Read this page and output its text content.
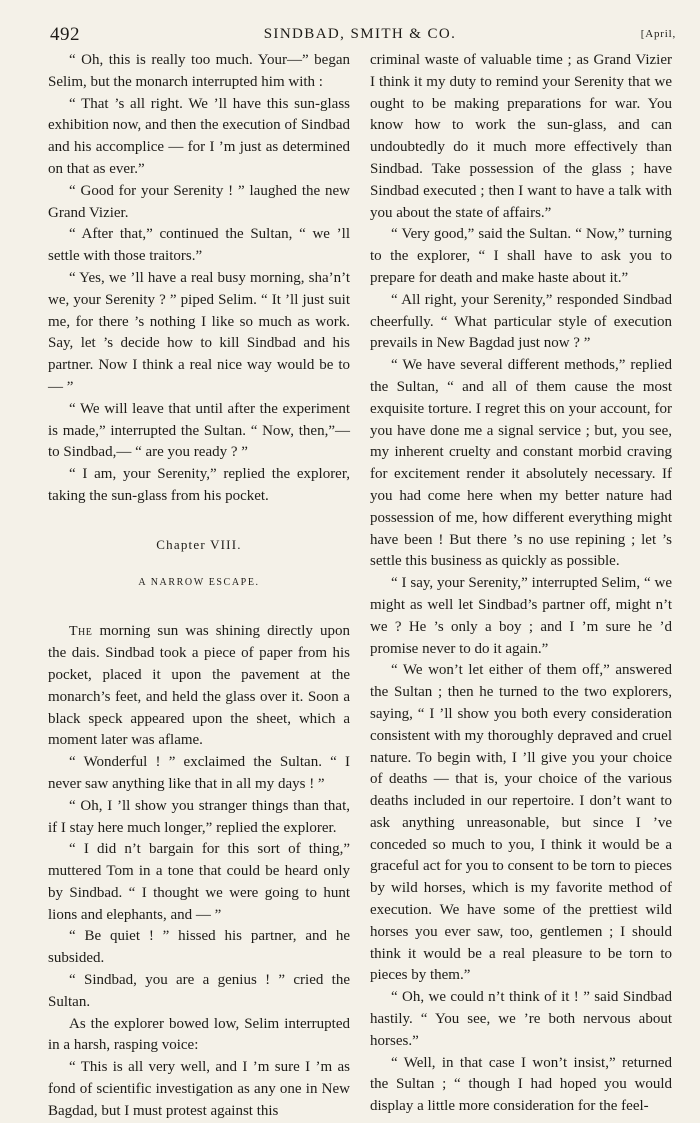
492	SINDBAD, SMITH & CO.	[April,

“ Oh, this is really too much. Your—” began Selim, but the monarch interrupted him with :

“ That ’s all right. We ’ll have this sun-glass exhibition now, and then the execution of Sindbad and his accomplice — for I ’m just as determined on that as ever.”

“ Good for your Serenity ! ” laughed the new Grand Vizier.

“ After that,” continued the Sultan, “ we ’ll settle with those traitors.”

“ Yes, we ’ll have a real busy morning, sha’n’t we, your Serenity ? ” piped Selim. “ It ’ll just suit me, for there ’s nothing I like so much as work. Say, let ’s decide how to kill Sindbad and his partner. Now I think a real nice way would be to — ”

“ We will leave that until after the experiment is made,” interrupted the Sultan. “ Now, then,”— to Sindbad,— “ are you ready ? ”

“ I am, your Serenity,” replied the explorer, taking the sun-glass from his pocket.

Chapter VIII.
A NARROW ESCAPE.

The morning sun was shining directly upon the dais. Sindbad took a piece of paper from his pocket, placed it upon the pavement at the monarch’s feet, and held the glass over it. Soon a black speck appeared upon the sheet, which a moment later was aflame.

“ Wonderful ! ” exclaimed the Sultan. “ I never saw anything like that in all my days ! ”

“ Oh, I ’ll show you stranger things than that, if I stay here much longer,” replied the explorer.

“ I did n’t bargain for this sort of thing,” muttered Tom in a tone that could be heard only by Sindbad. “ I thought we were going to hunt lions and elephants, and — ”

“ Be quiet ! ” hissed his partner, and he subsided.

“ Sindbad, you are a genius ! ” cried the Sultan.

As the explorer bowed low, Selim interrupted in a harsh, rasping voice:

“ This is all very well, and I ’m sure I ’m as fond of scientific investigation as any one in New Bagdad, but I must protest against this

criminal waste of valuable time ; as Grand Vizier I think it my duty to remind your Serenity that we ought to be making preparations for war. You know how to work the sun-glass, and can undoubtedly do it much more effectively than Sindbad. Take possession of the glass ; have Sindbad executed ; then I want to have a talk with you about the state of affairs.”

“ Very good,” said the Sultan. “ Now,” turning to the explorer, “ I shall have to ask you to prepare for death and make haste about it.”

“ All right, your Serenity,” responded Sindbad cheerfully. “ What particular style of execution prevails in New Bagdad just now ? ”

“ We have several different methods,” replied the Sultan, “ and all of them cause the most exquisite torture. I regret this on your account, for you have done me a signal service ; but, you see, my inherent cruelty and constant morbid craving for excitement render it absolutely necessary. If you had come here when my better nature had possession of me, how different everything might have been ! But there ’s no use repining ; let ’s settle this business as quickly as possible.

“ I say, your Serenity,” interrupted Selim, “ we might as well let Sindbad’s partner off, might n’t we ? He ’s only a boy ; and I ’m sure he ’d promise never to do it again.”

“ We won’t let either of them off,” answered the Sultan ; then he turned to the two explorers, saying, “ I ’ll show you both every consideration consistent with my thoroughly depraved and cruel nature. To begin with, I ’ll give you your choice of deaths — that is, your choice of the various deaths included in our repertoire. I don’t want to ask anything unreasonable, but since I ’ve conceded so much to you, I think it would be a graceful act for you to consent to be torn to pieces by wild horses, which is my favorite method of execution. We have some of the prettiest wild horses you ever saw, too, gentlemen ; I should think it would be a real pleasure to be torn to pieces by them.”

“ Oh, we could n’t think of it ! ” said Sindbad hastily. “ You see, we ’re both nervous about horses.”

“ Well, in that case I won’t insist,” returned the Sultan ; “ though I had hoped you would display a little more consideration for the feel-
